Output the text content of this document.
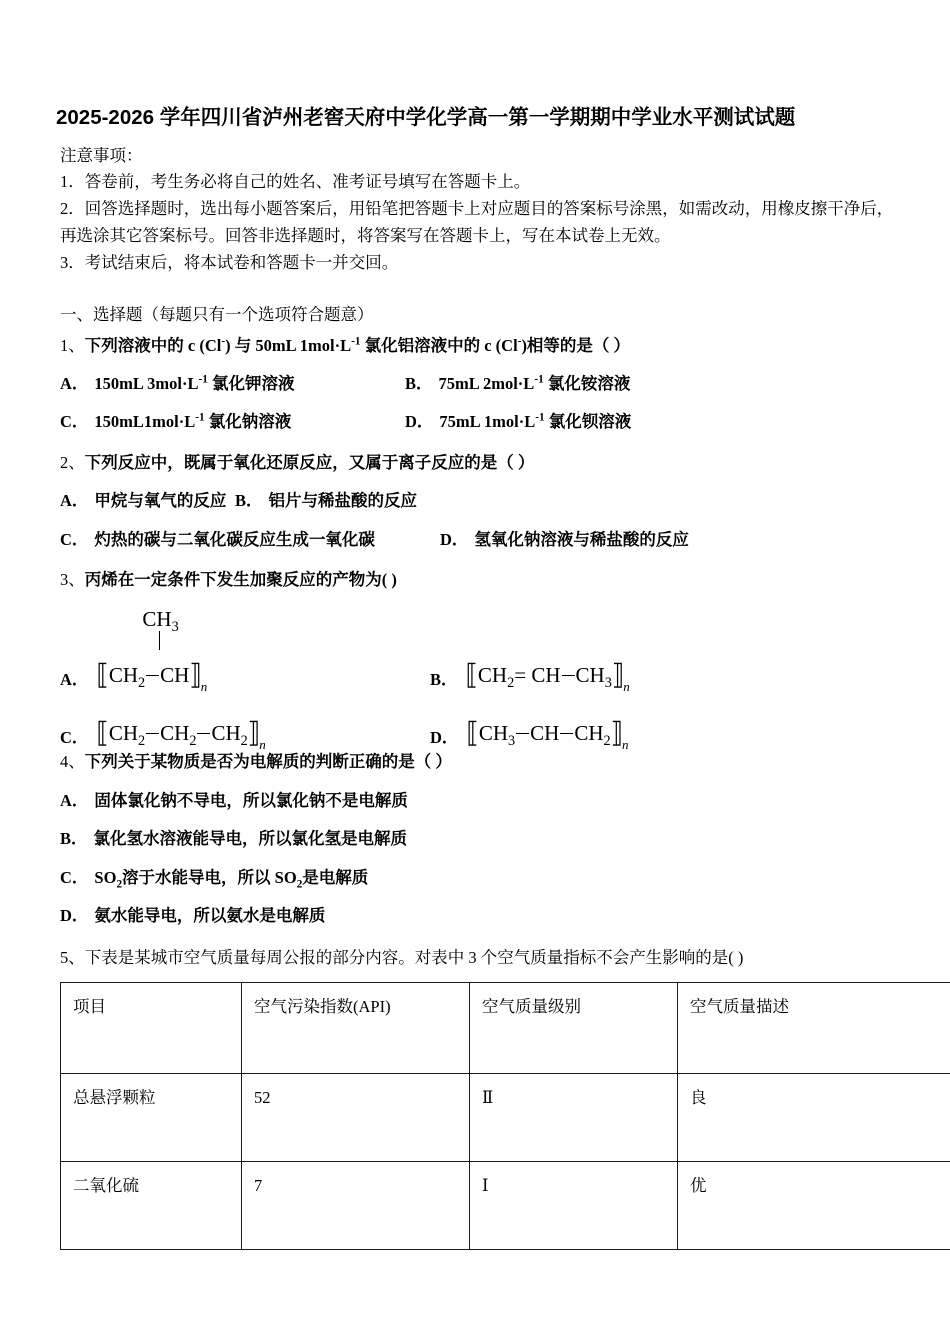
2025-2026 学年四川省泸州老窖天府中学化学高一第一学期期中学业水平测试试题
注意事项：
1．答卷前，考生务必将自己的姓名、准考证号填写在答题卡上。
2．回答选择题时，选出每小题答案后，用铅笔把答题卡上对应题目的答案标号涂黑，如需改动，用橡皮擦干净后，
再选涂其它答案标号。回答非选择题时，将答案写在答题卡上，写在本试卷上无效。
3．考试结束后，将本试卷和答题卡一并交回。
一、选择题（每题只有一个选项符合题意）
1、下列溶液中的 c (Cl-) 与 50mL $1mol\cdot L^{-1}$ 氯化铝溶液中的 c (Cl-)相等的是（ ）
A． 150mL $3mol\cdot L^{-1}$ 氯化钾溶液	B． 75mL $2mol\cdot L^{-1}$ 氯化铵溶液
C． $150mL1mol\cdot L^{-1}$ 氯化钠溶液	D． 75mL $1mol\cdot L^{-1}$ 氯化钡溶液
2、下列反应中，既属于氧化还原反应，又属于离子反应的是（ ）
A． 甲烷与氧气的反应 B． 铝片与稀盐酸的反应
C． 灼热的碳与二氧化碳反应生成一氧化碳	D． 氢氧化钠溶液与稀盐酸的反应
3、丙烯在一定条件下发生加聚反应的产物为( )
A．
$CH_3$
$⟦CH_2$ $CH⟧_n$	B． $⟦CH_2=$ CH $CH_3⟧_n$
C． $⟦CH_2$ $CH_2$ $CH_2⟧_n$	D． $⟦CH_3$ CH $CH_2⟧_n$
4、下列关于某物质是否为电解质的判断正确的是（ ）
A． 固体氯化钠不导电，所以氯化钠不是电解质
B． 氯化氢水溶液能导电，所以氯化氢是电解质
C． $SO_2$溶于水能导电，所以 $SO_2$是电解质
D． 氨水能导电，所以氨水是电解质
5、下表是某城市空气质量每周公报的部分内容。对表中 3 个空气质量指标不会产生影响的是( )
项目	空气污染指数(API)	空气质量级别	空气质量描述
总悬浮颗粒	52	Ⅱ	良
二氧化硫	7	Ⅰ	优
